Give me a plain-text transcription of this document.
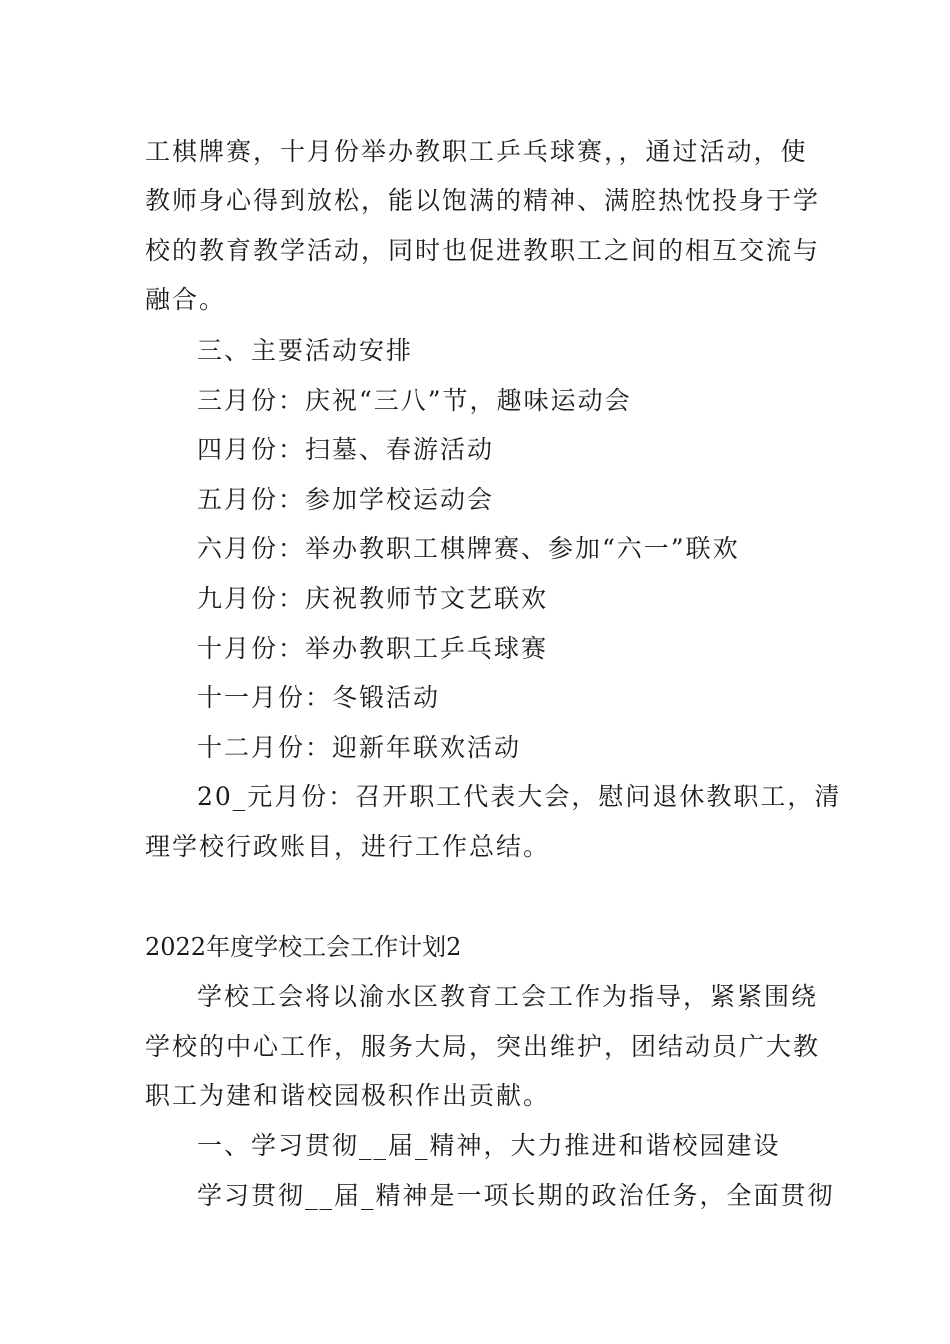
工棋牌赛，十月份举办教职工乒乓球赛，，通过活动，使
教师身心得到放松，能以饱满的精神、满腔热忱投身于学
校的教育教学活动，同时也促进教职工之间的相互交流与
融合。
三、主要活动安排
三月份：庆祝“三八”节，趣味运动会
四月份：扫墓、春游活动
五月份：参加学校运动会
六月份：举办教职工棋牌赛、参加“六一”联欢
九月份：庆祝教师节文艺联欢
十月份：举办教职工乒乓球赛
十一月份：冬锻活动
十二月份：迎新年联欢活动
20_元月份：召开职工代表大会，慰问退休教职工，清
理学校行政账目，进行工作总结。
2022年度学校工会工作计划2
学校工会将以渝水区教育工会工作为指导，紧紧围绕
学校的中心工作，服务大局，突出维护，团结动员广大教
职工为建和谐校园极积作出贡献。
一、学习贯彻__届_精神，大力推进和谐校园建设
学习贯彻__届_精神是一项长期的政治任务，全面贯彻
